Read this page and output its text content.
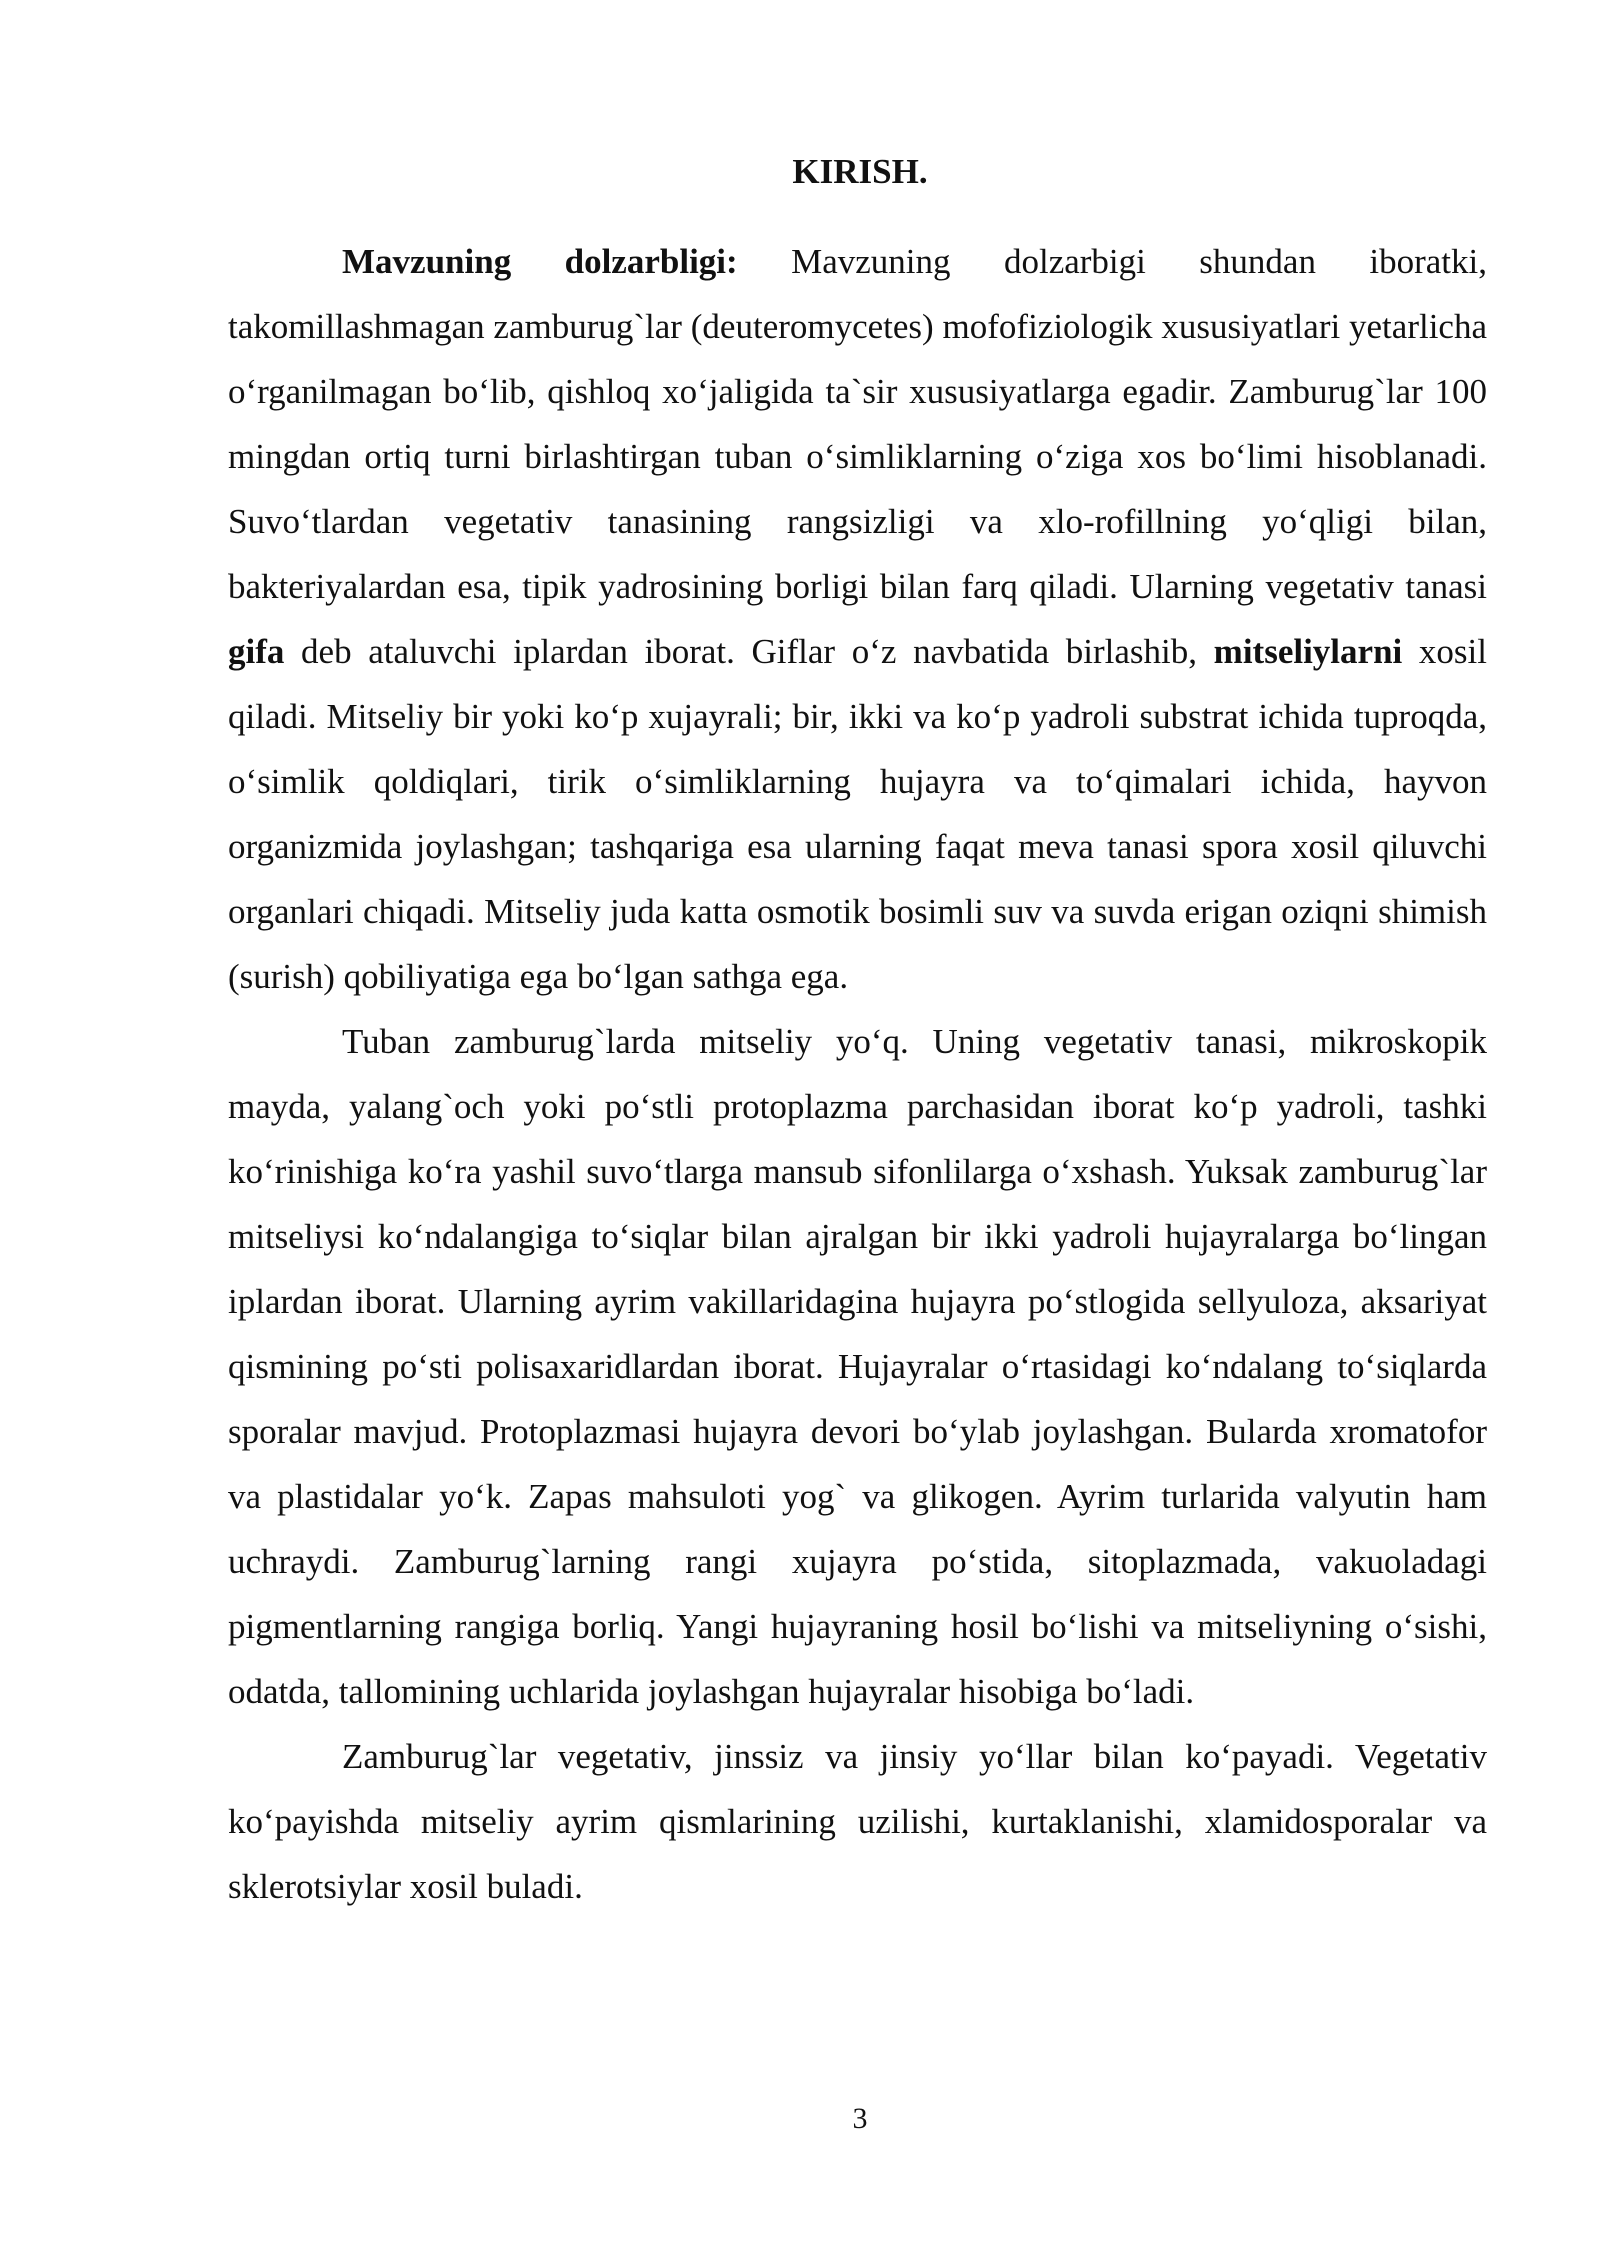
KIRISH.

Mavzuning dolzarbligi: Mavzuning dolzarbigi shundan iboratki, takomillashmagan zamburug`lar (deuteromycetes) mofofiziologik xususiyatlari yetarlicha o‘rganilmagan bo‘lib, qishloq xo‘jaligida ta`sir xususiyatlarga egadir. Zamburug`lar 100 mingdan ortiq turni birlashtirgan tuban o‘simliklarning o‘ziga xos bo‘limi hisoblanadi. Suvo‘tlardan vegetativ tanasining rangsizligi va xlo-rofillning yo‘qligi bilan, bakteriyalardan esa, tipik yadrosining borligi bilan farq qiladi. Ularning vegetativ tanasi gifa deb ataluvchi iplardan iborat. Giflar o‘z navbatida birlashib, mitseliylarni xosil qiladi. Mitseliy bir yoki ko‘p xujayrali; bir, ikki va ko‘p yadroli substrat ichida tuproqda, o‘simlik qoldiqlari, tirik o‘simliklarning hujayra va to‘qimalari ichida, hayvon organizmida joylashgan; tashqariga esa ularning faqat meva tanasi spora xosil qiluvchi organlari chiqadi. Mitseliy juda katta osmotik bosimli suv va suvda erigan oziqni shimish (surish) qobiliyatiga ega bo‘lgan sathga ega.

Tuban zamburug`larda mitseliy yo‘q. Uning vegetativ tanasi, mikroskopik mayda, yalang`och yoki po‘stli protoplazma parchasidan iborat ko‘p yadroli, tashki ko‘rinishiga ko‘ra yashil suvo‘tlarga mansub sifonlilarga o‘xshash. Yuksak zamburug`lar mitseliysi ko‘ndalangiga to‘siqlar bilan ajralgan bir ikki yadroli hujayralarga bo‘lingan iplardan iborat. Ularning ayrim vakillaridagina hujayra po‘stlogida sellyuloza, aksariyat qismining po‘sti polisaxaridlardan iborat. Hujayralar o‘rtasidagi ko‘ndalang to‘siqlarda sporalar mavjud. Protoplazmasi hujayra devori bo‘ylab joylashgan. Bularda xromatofor va plastidalar yo‘k. Zapas mahsuloti yog` va glikogen. Ayrim turlarida valyutin ham uchraydi. Zamburug`larning rangi xujayra po‘stida, sitoplazmada, vakuoladagi pigmentlarning rangiga borliq. Yangi hujayraning hosil bo‘lishi va mitseliyning o‘sishi, odatda, tallomining uchlarida joylashgan hujayralar hisobiga bo‘ladi.

Zamburug`lar vegetativ, jinssiz va jinsiy yo‘llar bilan ko‘payadi. Vegetativ ko‘payishda mitseliy ayrim qismlarining uzilishi, kurtaklanishi, xlamidosporalar va sklerotsiylar xosil buladi.

3
